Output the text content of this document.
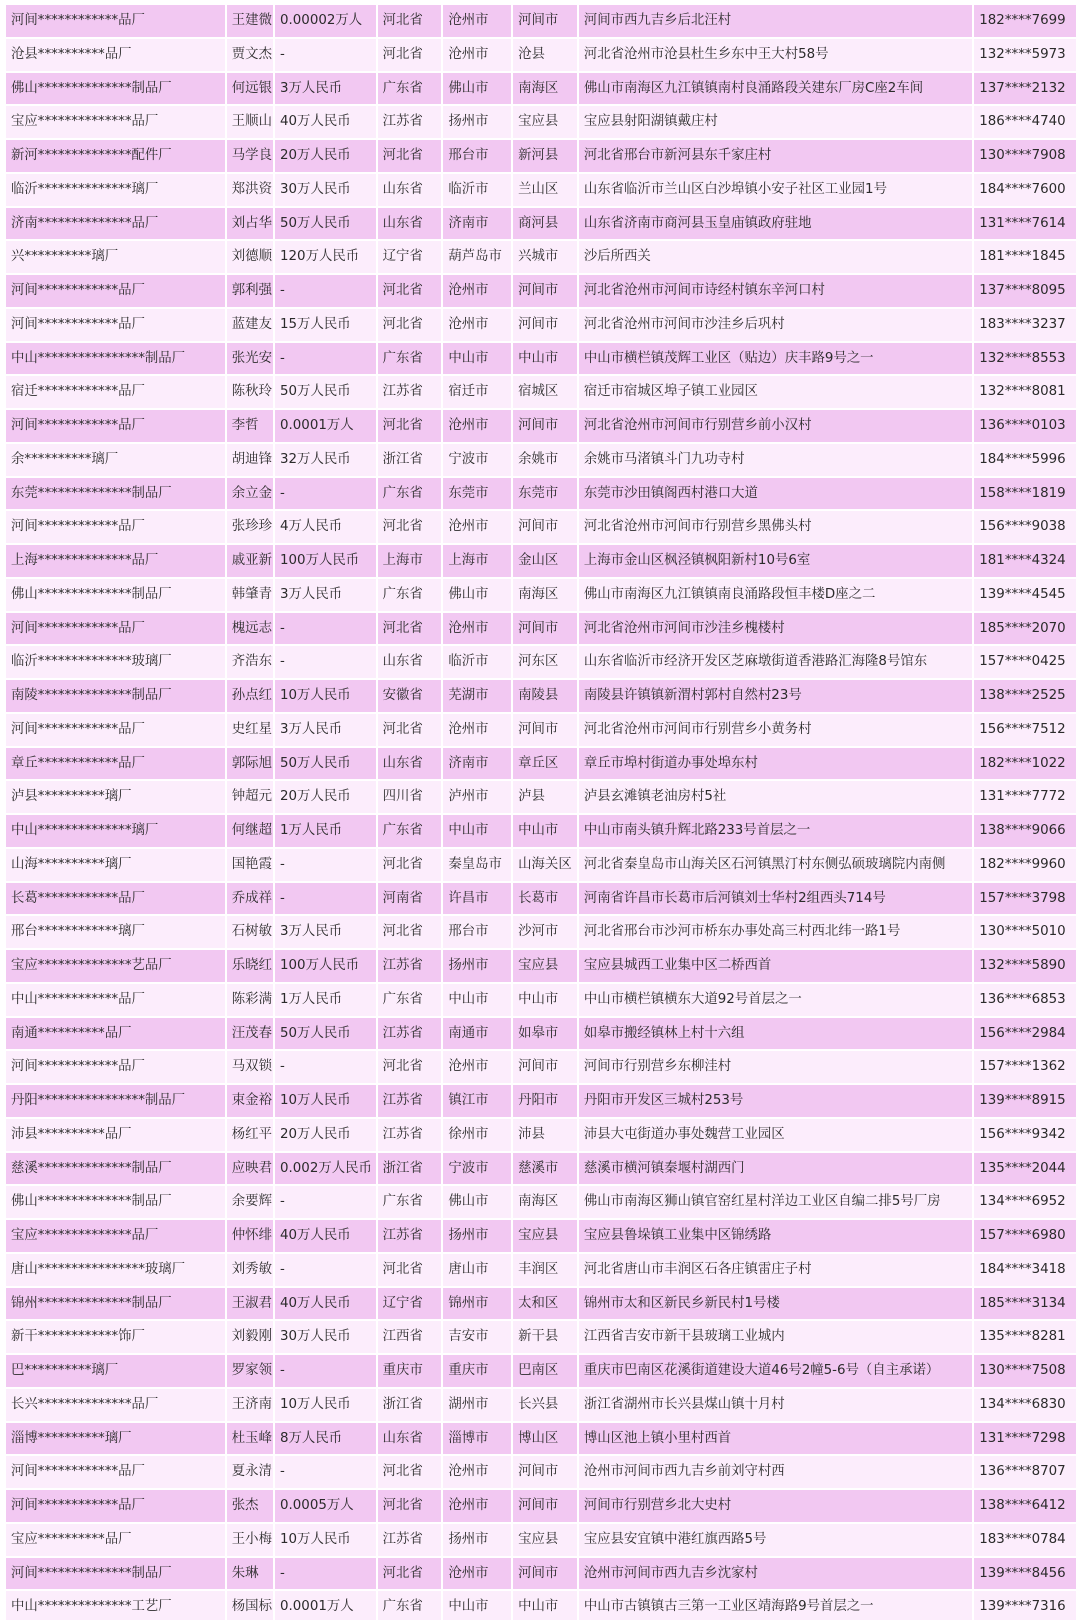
河间************品厂	王建微	0.00002万人	河北省	沧州市	河间市	河间市西九吉乡后北汪村	182****7699
沧县**********品厂	贾文杰	-	河北省	沧州市	沧县	河北省沧州市沧县杜生乡东中王大村58号	132****5973
佛山**************制品厂	何远银	3万人民币	广东省	佛山市	南海区	佛山市南海区九江镇镇南村良涌路段关建东厂房C座2车间	137****2132
宝应**************品厂	王顺山	40万人民币	江苏省	扬州市	宝应县	宝应县射阳湖镇戴庄村	186****4740
新河**************配件厂	马学良	20万人民币	河北省	邢台市	新河县	河北省邢台市新河县东千家庄村	130****7908
临沂**************璃厂	郑洪资	30万人民币	山东省	临沂市	兰山区	山东省临沂市兰山区白沙埠镇小安子社区工业园1号	184****7600
济南**************品厂	刘占华	50万人民币	山东省	济南市	商河县	山东省济南市商河县玉皇庙镇政府驻地	131****7614
兴**********璃厂	刘德顺	120万人民币	辽宁省	葫芦岛市	兴城市	沙后所西关	181****1845
河间************品厂	郭利强	-	河北省	沧州市	河间市	河北省沧州市河间市诗经村镇东辛河口村	137****8095
河间************品厂	蓝建友	15万人民币	河北省	沧州市	河间市	河北省沧州市河间市沙洼乡后巩村	183****3237
中山****************制品厂	张光安	-	广东省	中山市	中山市	中山市横栏镇茂辉工业区（贴边）庆丰路9号之一	132****8553
宿迁************品厂	陈秋玲	50万人民币	江苏省	宿迁市	宿城区	宿迁市宿城区埠子镇工业园区	132****8081
河间************品厂	李哲	0.0001万人	河北省	沧州市	河间市	河北省沧州市河间市行别营乡前小汉村	136****0103
余**********璃厂	胡迪锋	32万人民币	浙江省	宁波市	余姚市	余姚市马渚镇斗门九功寺村	184****5996
东莞**************制品厂	余立金	-	广东省	东莞市	东莞市	东莞市沙田镇阁西村港口大道	158****1819
河间************品厂	张珍珍	4万人民币	河北省	沧州市	河间市	河北省沧州市河间市行别营乡黑佛头村	156****9038
上海**************品厂	戚亚新	100万人民币	上海市	上海市	金山区	上海市金山区枫泾镇枫阳新村10号6室	181****4324
佛山**************制品厂	韩肇青	3万人民币	广东省	佛山市	南海区	佛山市南海区九江镇镇南良涌路段恒丰楼D座之二	139****4545
河间************品厂	槐远志	-	河北省	沧州市	河间市	河北省沧州市河间市沙洼乡槐楼村	185****2070
临沂**************玻璃厂	齐浩东	-	山东省	临沂市	河东区	山东省临沂市经济开发区芝麻墩街道香港路汇海隆8号馆东	157****0425
南陵**************制品厂	孙点红	10万人民币	安徽省	芜湖市	南陵县	南陵县许镇镇新渭村郭村自然村23号	138****2525
河间************品厂	史红星	3万人民币	河北省	沧州市	河间市	河北省沧州市河间市行别营乡小黄务村	156****7512
章丘************品厂	郭际旭	50万人民币	山东省	济南市	章丘区	章丘市埠村街道办事处埠东村	182****1022
泸县**********璃厂	钟超元	20万人民币	四川省	泸州市	泸县	泸县玄滩镇老油房村5社	131****7772
中山**************璃厂	何继超	1万人民币	广东省	中山市	中山市	中山市南头镇升辉北路233号首层之一	138****9066
山海**********璃厂	国艳霞	-	河北省	秦皇岛市	山海关区	河北省秦皇岛市山海关区石河镇黑汀村东侧弘硕玻璃院内南侧	182****9960
长葛************品厂	乔成祥	-	河南省	许昌市	长葛市	河南省许昌市长葛市后河镇刘士华村2组西头714号	157****3798
邢台************璃厂	石树敏	3万人民币	河北省	邢台市	沙河市	河北省邢台市沙河市桥东办事处高三村西北纬一路1号	130****5010
宝应**************艺品厂	乐晓红	100万人民币	江苏省	扬州市	宝应县	宝应县城西工业集中区二桥西首	132****5890
中山************品厂	陈彩满	1万人民币	广东省	中山市	中山市	中山市横栏镇横东大道92号首层之一	136****6853
南通**********品厂	汪茂春	50万人民币	江苏省	南通市	如皋市	如皋市搬经镇林上村十六组	156****2984
河间************品厂	马双锁	-	河北省	沧州市	河间市	河间市行别营乡东柳洼村	157****1362
丹阳****************制品厂	束金裕	10万人民币	江苏省	镇江市	丹阳市	丹阳市开发区三城村253号	139****8915
沛县**********品厂	杨红平	20万人民币	江苏省	徐州市	沛县	沛县大屯街道办事处魏营工业园区	156****9342
慈溪**************制品厂	应映君	0.002万人民币	浙江省	宁波市	慈溪市	慈溪市横河镇秦堰村湖西门	135****2044
佛山**************制品厂	余要辉	-	广东省	佛山市	南海区	佛山市南海区狮山镇官窑红星村洋边工业区自编二排5号厂房	134****6952
宝应**************品厂	仲怀绯	40万人民币	江苏省	扬州市	宝应县	宝应县鲁垛镇工业集中区锦绣路	157****6980
唐山****************玻璃厂	刘秀敏	-	河北省	唐山市	丰润区	河北省唐山市丰润区石各庄镇雷庄子村	184****3418
锦州**************制品厂	王淑君	40万人民币	辽宁省	锦州市	太和区	锦州市太和区新民乡新民村1号楼	185****3134
新干************饰厂	刘毅刚	30万人民币	江西省	吉安市	新干县	江西省吉安市新干县玻璃工业城内	135****8281
巴**********璃厂	罗家领	-	重庆市	重庆市	巴南区	重庆市巴南区花溪街道建设大道46号2幢5-6号（自主承诺）	130****7508
长兴**************品厂	王济南	10万人民币	浙江省	湖州市	长兴县	浙江省湖州市长兴县煤山镇十月村	134****6830
淄博**********璃厂	杜玉峰	8万人民币	山东省	淄博市	博山区	博山区池上镇小里村西首	131****7298
河间************品厂	夏永清	-	河北省	沧州市	河间市	沧州市河间市西九吉乡前刘守村西	136****8707
河间************品厂	张杰	0.0005万人	河北省	沧州市	河间市	河间市行别营乡北大史村	138****6412
宝应**********品厂	王小梅	10万人民币	江苏省	扬州市	宝应县	宝应县安宜镇中港红旗西路5号	183****0784
河间**************制品厂	朱琳	-	河北省	沧州市	河间市	沧州市河间市西九吉乡沈家村	139****8456
中山**************工艺厂	杨国标	0.0001万人	广东省	中山市	中山市	中山市古镇镇古三第一工业区靖海路9号首层之一	139****7316
